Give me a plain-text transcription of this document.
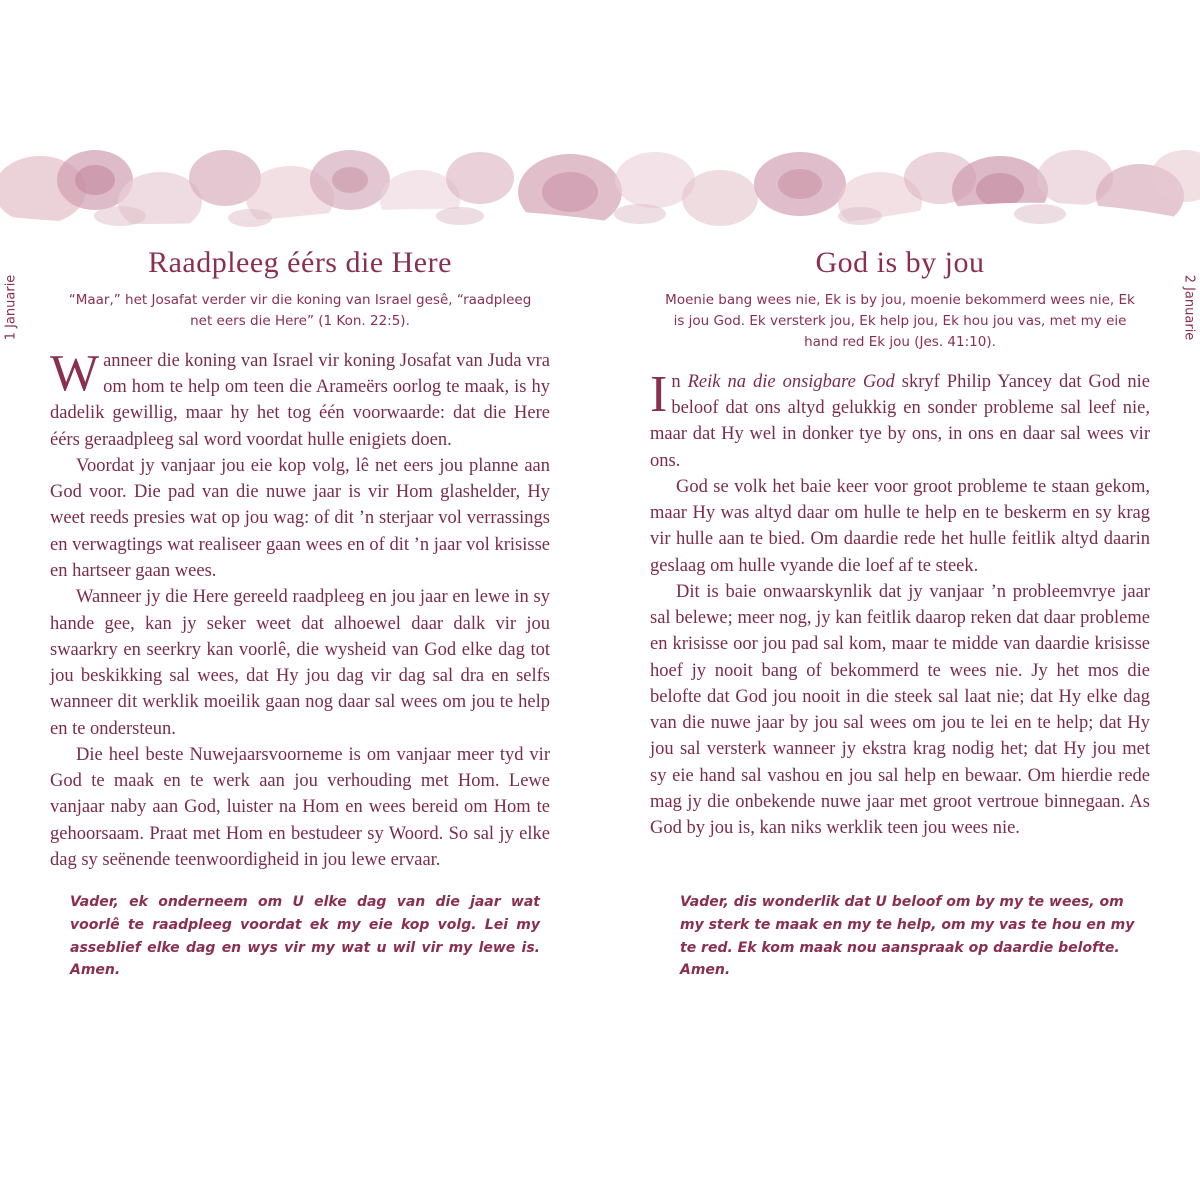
1 Januarie	2 Januarie
Raadpleeg éérs die Here
“Maar,” het Josafat verder vir die koning van Israel gesê, “raadpleeg net eers die Here” (1 Kon. 22:5).

Wanneer die koning van Israel vir koning Josafat van Juda vra om hom te help om teen die Arameërs oorlog te maak, is hy dadelik gewillig, maar hy het tog één voorwaarde: dat die Here éérs geraadpleeg sal word voordat hulle enigiets doen.

Voordat jy vanjaar jou eie kop volg, lê net eers jou planne aan God voor. Die pad van die nuwe jaar is vir Hom glashelder, Hy weet reeds presies wat op jou wag: of dit ’n sterjaar vol verrassings en verwagtings wat realiseer gaan wees en of dit ’n jaar vol krisisse en hartseer gaan wees.

Wanneer jy die Here gereeld raadpleeg en jou jaar en lewe in sy hande gee, kan jy seker weet dat alhoewel daar dalk vir jou swaarkry en seerkry kan voorlê, die wysheid van God elke dag tot jou beskikking sal wees, dat Hy jou dag vir dag sal dra en selfs wanneer dit werklik moeilik gaan nog daar sal wees om jou te help en te ondersteun.

Die heel beste Nuwejaarsvoorneme is om vanjaar meer tyd vir God te maak en te werk aan jou verhouding met Hom. Lewe vanjaar naby aan God, luister na Hom en wees bereid om Hom te gehoorsaam. Praat met Hom en bestudeer sy Woord. So sal jy elke dag sy seënende teenwoordigheid in jou lewe ervaar.

Vader, ek onderneem om U elke dag van die jaar wat voorlê te raadpleeg voordat ek my eie kop volg. Lei my asseblief elke dag en wys vir my wat u wil vir my lewe is. Amen.
God is by jou
Moenie bang wees nie, Ek is by jou, moenie bekommerd wees nie, Ek is jou God. Ek versterk jou, Ek help jou, Ek hou jou vas, met my eie hand red Ek jou (Jes. 41:10).

In Reik na die onsigbare God skryf Philip Yancey dat God nie beloof dat ons altyd gelukkig en sonder probleme sal leef nie, maar dat Hy wel in donker tye by ons, in ons en daar sal wees vir ons.

God se volk het baie keer voor groot probleme te staan gekom, maar Hy was altyd daar om hulle te help en te beskerm en sy krag vir hulle aan te bied. Om daardie rede het hulle feitlik altyd daarin geslaag om hulle vyande die loef af te steek.

Dit is baie onwaarskynlik dat jy vanjaar ’n probleemvrye jaar sal belewe; meer nog, jy kan feitlik daarop reken dat daar probleme en krisisse oor jou pad sal kom, maar te midde van daardie krisisse hoef jy nooit bang of bekommerd te wees nie. Jy het mos die belofte dat God jou nooit in die steek sal laat nie; dat Hy elke dag van die nuwe jaar by jou sal wees om jou te lei en te help; dat Hy jou sal versterk wanneer jy ekstra krag nodig het; dat Hy jou met sy eie hand sal vashou en jou sal help en bewaar. Om hierdie rede mag jy die onbekende nuwe jaar met groot vertroue binnegaan. As God by jou is, kan niks werklik teen jou wees nie.

Vader, dis wonderlik dat U beloof om by my te wees, om my sterk te maak en my te help, om my vas te hou en my te red. Ek kom maak nou aanspraak op daardie belofte. Amen.
